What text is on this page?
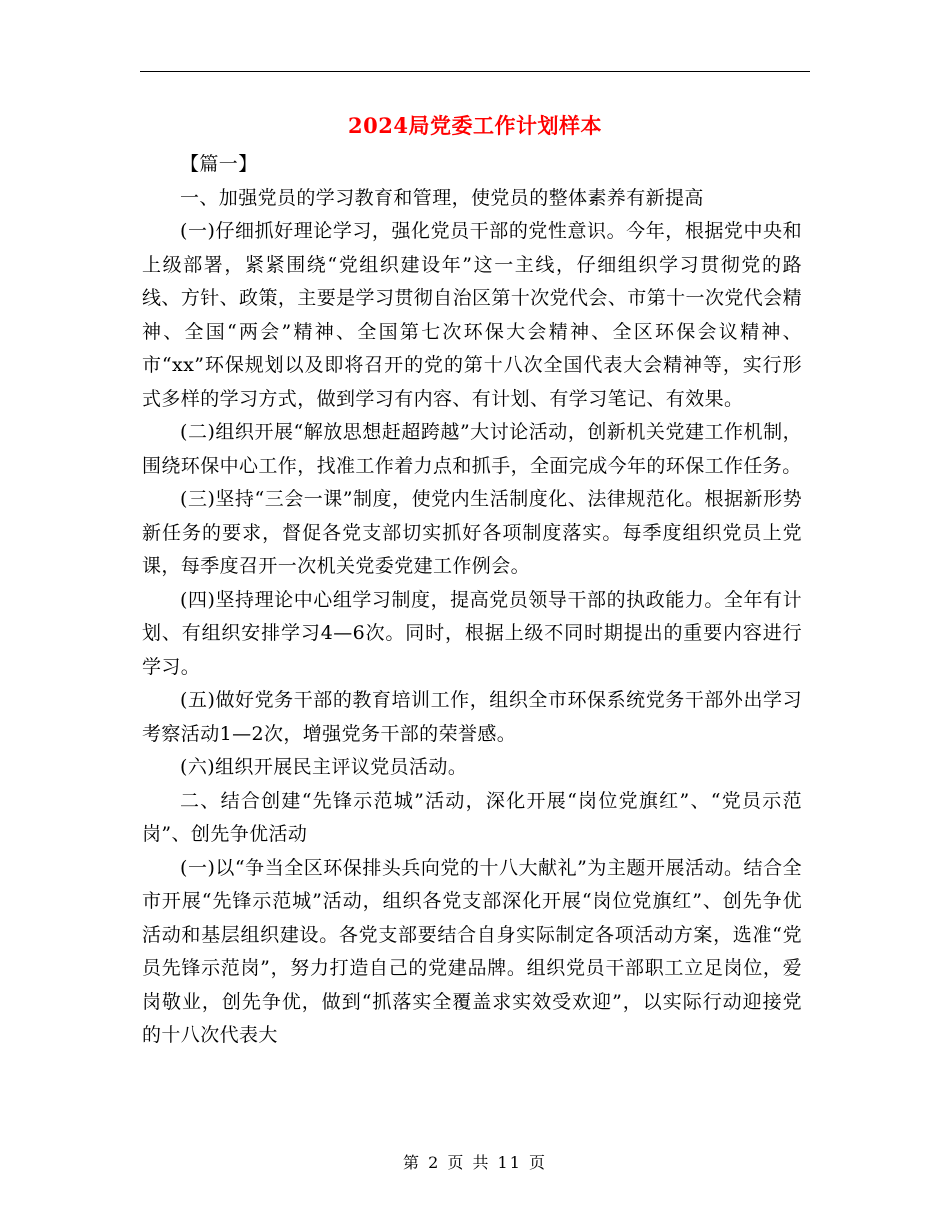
2024局党委工作计划样本

【篇一】

一、加强党员的学习教育和管理，使党员的整体素养有新提高

(一)仔细抓好理论学习，强化党员干部的党性意识。今年，根据党中央和上级部署，紧紧围绕“党组织建设年”这一主线，仔细组织学习贯彻党的路线、方针、政策，主要是学习贯彻自治区第十次党代会、市第十一次党代会精神、全国“两会”精神、全国第七次环保大会精神、全区环保会议精神、市“xx”环保规划以及即将召开的党的第十八次全国代表大会精神等，实行形式多样的学习方式，做到学习有内容、有计划、有学习笔记、有效果。

(二)组织开展“解放思想赶超跨越”大讨论活动，创新机关党建工作机制，围绕环保中心工作，找准工作着力点和抓手，全面完成今年的环保工作任务。

(三)坚持“三会一课”制度，使党内生活制度化、法律规范化。根据新形势新任务的要求，督促各党支部切实抓好各项制度落实。每季度组织党员上党课，每季度召开一次机关党委党建工作例会。

(四)坚持理论中心组学习制度，提高党员领导干部的执政能力。全年有计划、有组织安排学习4—6次。同时，根据上级不同时期提出的重要内容进行学习。

(五)做好党务干部的教育培训工作，组织全市环保系统党务干部外出学习考察活动1—2次，增强党务干部的荣誉感。

(六)组织开展民主评议党员活动。

二、结合创建“先锋示范城”活动，深化开展“岗位党旗红”、“党员示范岗”、创先争优活动

(一)以“争当全区环保排头兵向党的十八大献礼”为主题开展活动。结合全市开展“先锋示范城”活动，组织各党支部深化开展“岗位党旗红”、创先争优活动和基层组织建设。各党支部要结合自身实际制定各项活动方案，选准“党员先锋示范岗”，努力打造自己的党建品牌。组织党员干部职工立足岗位，爱岗敬业，创先争优，做到“抓落实全覆盖求实效受欢迎”，以实际行动迎接党的十八次代表大

第 2 页 共 11 页
